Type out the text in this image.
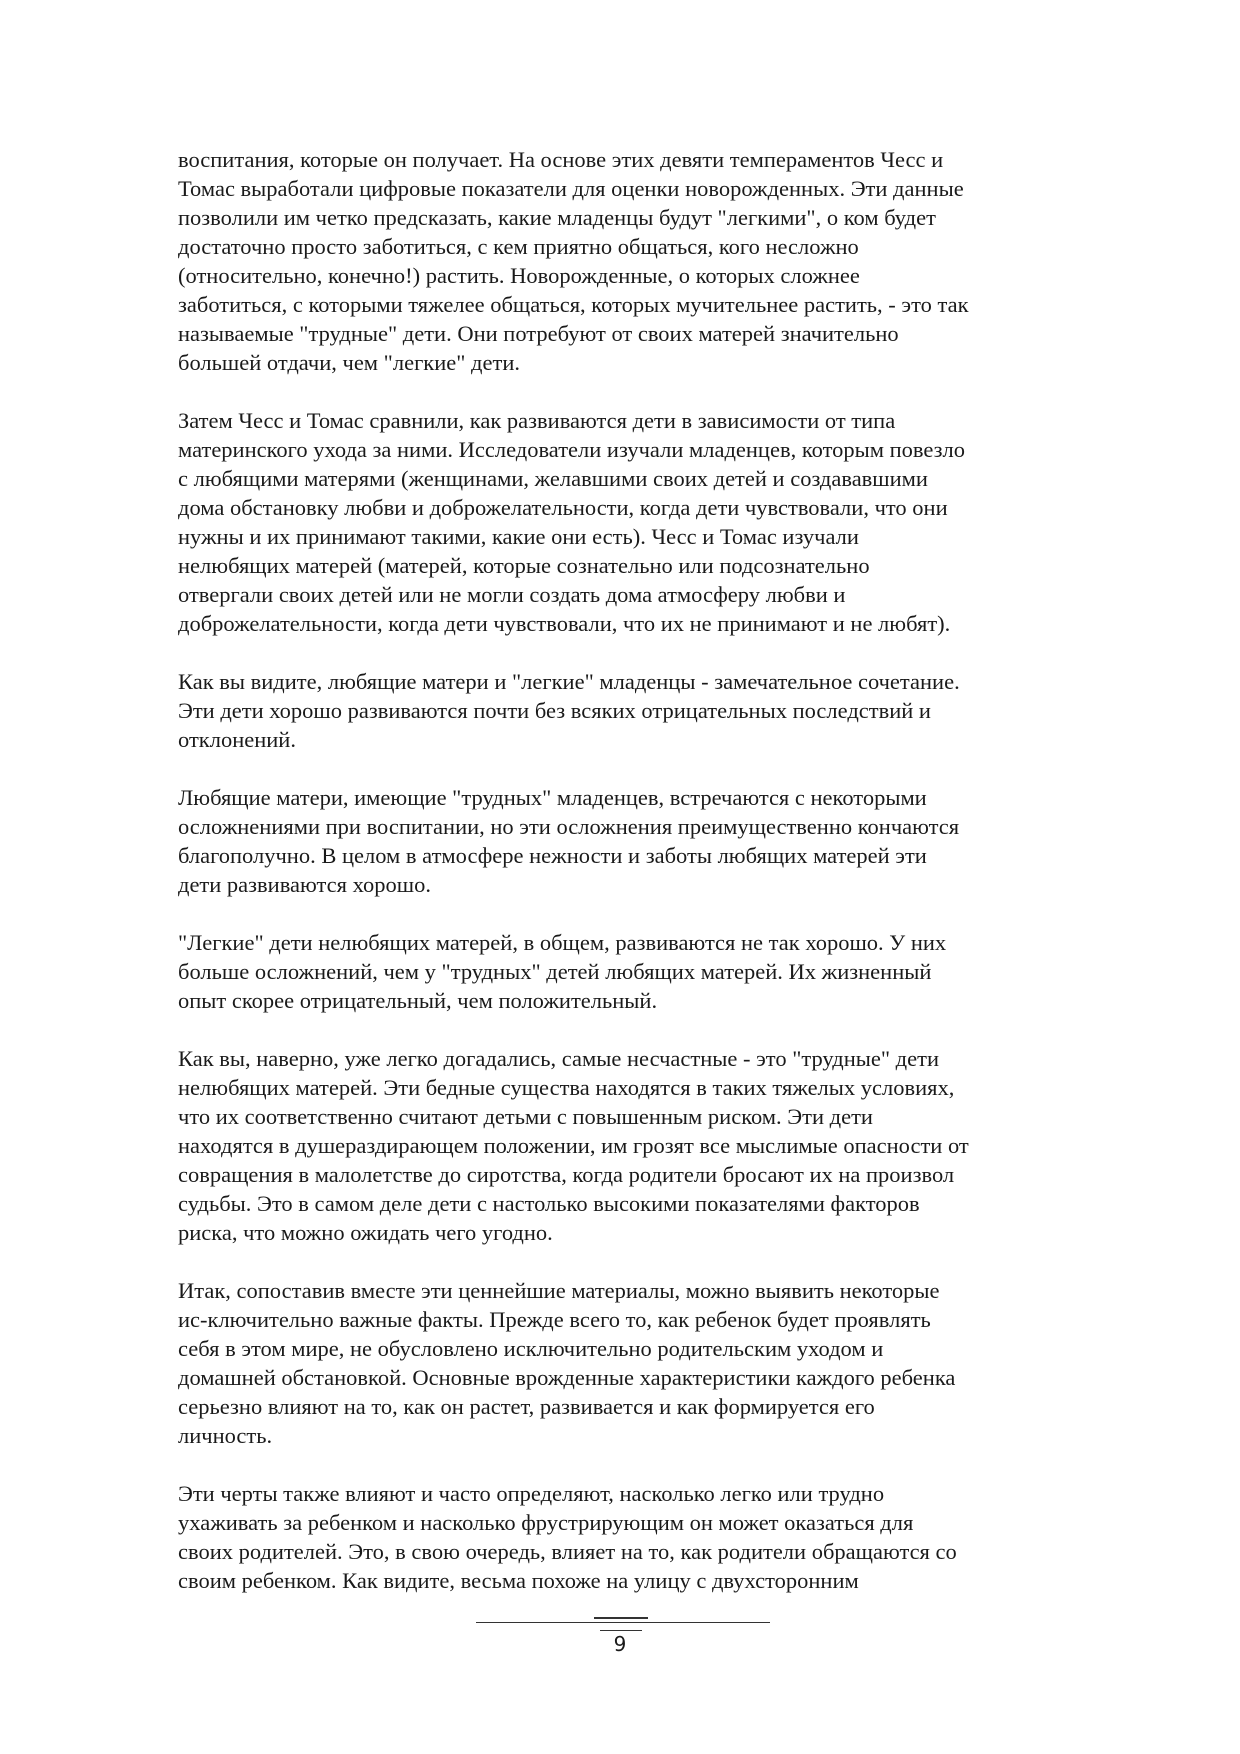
воспитания, которые он получает. На основе этих девяти темпераментов Чесс и
Томас выработали цифровые показатели для оценки новорожденных. Эти данные
позволили им четко предсказать, какие младенцы будут "легкими", о ком будет
достаточно просто заботиться, с кем приятно общаться, кого несложно
(относительно, конечно!) растить. Новорожденные, о которых сложнее
заботиться, с которыми тяжелее общаться, которых мучительнее растить, - это так
называемые "трудные" дети. Они потребуют от своих матерей значительно
большей отдачи, чем "легкие" дети.

Затем Чесс и Томас сравнили, как развиваются дети в зависимости от типа
материнского ухода за ними. Исследователи изучали младенцев, которым повезло
с любящими матерями (женщинами, желавшими своих детей и создававшими
дома обстановку любви и доброжелательности, когда дети чувствовали, что они
нужны и их принимают такими, какие они есть). Чесс и Томас изучали
нелюбящих матерей (матерей, которые сознательно или подсознательно
отвергали своих детей или не могли создать дома атмосферу любви и
доброжелательности, когда дети чувствовали, что их не принимают и не любят).

Как вы видите, любящие матери и "легкие" младенцы - замечательное сочетание.
Эти дети хорошо развиваются почти без всяких отрицательных последствий и
отклонений.

Любящие матери, имеющие "трудных" младенцев, встречаются с некоторыми
осложнениями при воспитании, но эти осложнения преимущественно кончаются
благополучно. В целом в атмосфере нежности и заботы любящих матерей эти
дети развиваются хорошо.

"Легкие" дети нелюбящих матерей, в общем, развиваются не так хорошо. У них
больше осложнений, чем у "трудных" детей любящих матерей. Их жизненный
опыт скорее отрицательный, чем положительный.

Как вы, наверно, уже легко догадались, самые несчастные - это "трудные" дети
нелюбящих матерей. Эти бедные существа находятся в таких тяжелых условиях,
что их соответственно считают детьми с повышенным риском. Эти дети
находятся в душераздирающем положении, им грозят все мыслимые опасности от
совращения в малолетстве до сиротства, когда родители бросают их на произвол
судьбы. Это в самом деле дети с настолько высокими показателями факторов
риска, что можно ожидать чего угодно.

Итак, сопоставив вместе эти ценнейшие материалы, можно выявить некоторые
ис-ключительно важные факты. Прежде всего то, как ребенок будет проявлять
себя в этом мире, не обусловлено исключительно родительским уходом и
домашней обстановкой. Основные врожденные характеристики каждого ребенка
серьезно влияют на то, как он растет, развивается и как формируется его
личность.

Эти черты также влияют и часто определяют, насколько легко или трудно
ухаживать за ребенком и насколько фрустрирующим он может оказаться для
своих родителей. Это, в свою очередь, влияет на то, как родители обращаются со
своим ребенком. Как видите, весьма похоже на улицу с двухсторонним

9
